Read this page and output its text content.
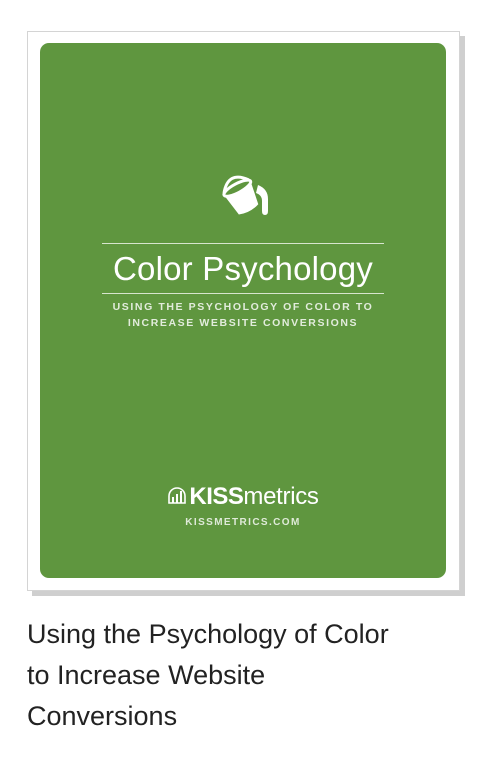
Color Psychology
USING THE PSYCHOLOGY OF COLOR TO
INCREASE WEBSITE CONVERSIONS
KISSmetrics
KISSMETRICS.COM
Using the Psychology of Color
to Increase Website
Conversions
